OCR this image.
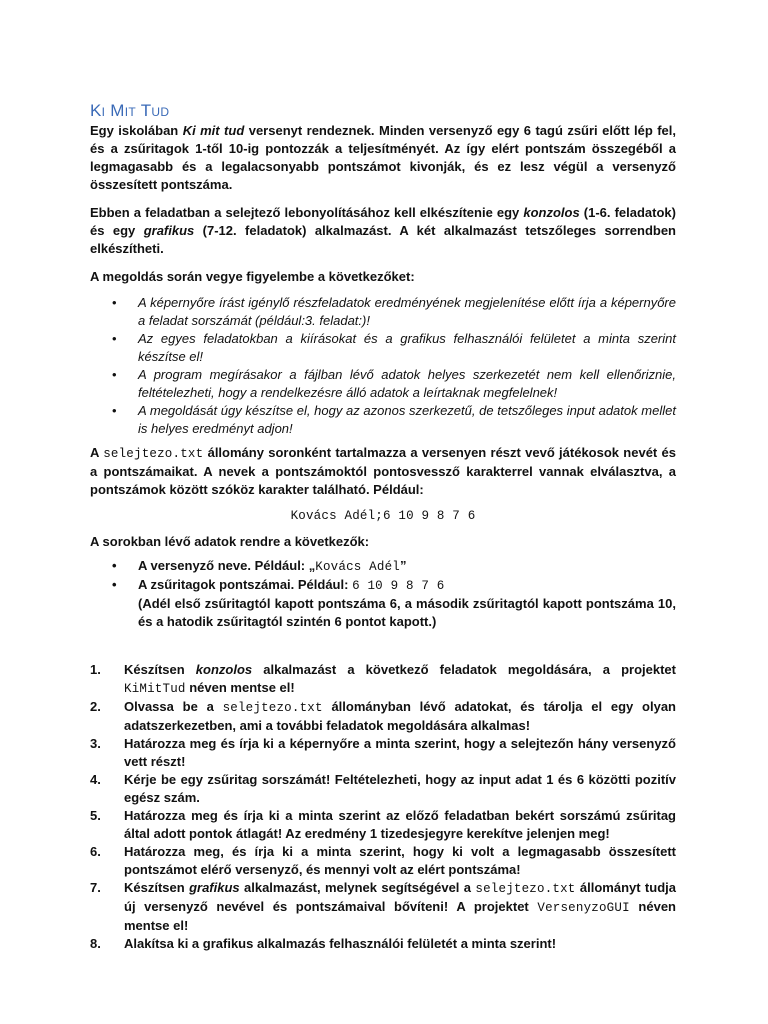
Ki Mit Tud

Egy iskolában Ki mit tud versenyt rendeznek. Minden versenyző egy 6 tagú zsűri előtt lép fel, és a zsűritagok 1-től 10-ig pontozzák a teljesítményét. Az így elért pontszám összegéből a legmagasabb és a legalacsonyabb pontszámot kivonják, és ez lesz végül a versenyző összesített pontszáma.

Ebben a feladatban a selejtező lebonyolításához kell elkészítenie egy konzolos (1-6. feladatok) és egy grafikus (7-12. feladatok) alkalmazást. A két alkalmazást tetszőleges sorrendben elkészítheti.

A megoldás során vegye figyelembe a következőket:

• A képernyőre írást igénylő részfeladatok eredményének megjelenítése előtt írja a képernyőre a feladat sorszámát (például:3. feladat:)!
• Az egyes feladatokban a kiírásokat és a grafikus felhasználói felületet a minta szerint készítse el!
• A program megírásakor a fájlban lévő adatok helyes szerkezetét nem kell ellenőriznie, feltételezheti, hogy a rendelkezésre álló adatok a leírtaknak megfelelnek!
• A megoldását úgy készítse el, hogy az azonos szerkezetű, de tetszőleges input adatok mellet is helyes eredményt adjon!

A selejtezo.txt állomány soronként tartalmazza a versenyen részt vevő játékosok nevét és a pontszámaikat. A nevek a pontszámoktól pontosvessző karakterrel vannak elválasztva, a pontszámok között szóköz karakter található. Például:

Kovács Adél;6 10 9 8 7 6

A sorokban lévő adatok rendre a következők:

• A versenyző neve. Például: „Kovács Adél”
• A zsűritagok pontszámai. Például: 6 10 9 8 7 6
(Adél első zsűritagtól kapott pontszáma 6, a második zsűritagtól kapott pontszáma 10, és a hatodik zsűritagtól szintén 6 pontot kapott.)
1. Készítsen konzolos alkalmazást a következő feladatok megoldására, a projektet KiMitTud néven mentse el!
2. Olvassa be a selejtezo.txt állományban lévő adatokat, és tárolja el egy olyan adatszerkezetben, ami a további feladatok megoldására alkalmas!
3. Határozza meg és írja ki a képernyőre a minta szerint, hogy a selejtezőn hány versenyző vett részt!
4. Kérje be egy zsűritag sorszámát! Feltételezheti, hogy az input adat 1 és 6 közötti pozitív egész szám.
5. Határozza meg és írja ki a minta szerint az előző feladatban bekért sorszámú zsűritag által adott pontok átlagát! Az eredmény 1 tizedesjegyre kerekítve jelenjen meg!
6. Határozza meg, és írja ki a minta szerint, hogy ki volt a legmagasabb összesített pontszámot elérő versenyző, és mennyi volt az elért pontszáma!
7. Készítsen grafikus alkalmazást, melynek segítségével a selejtezo.txt állományt tudja új versenyző nevével és pontszámaival bővíteni! A projektet VersenyzoGUI néven mentse el!
8. Alakítsa ki a grafikus alkalmazás felhasználói felületét a minta szerint!
